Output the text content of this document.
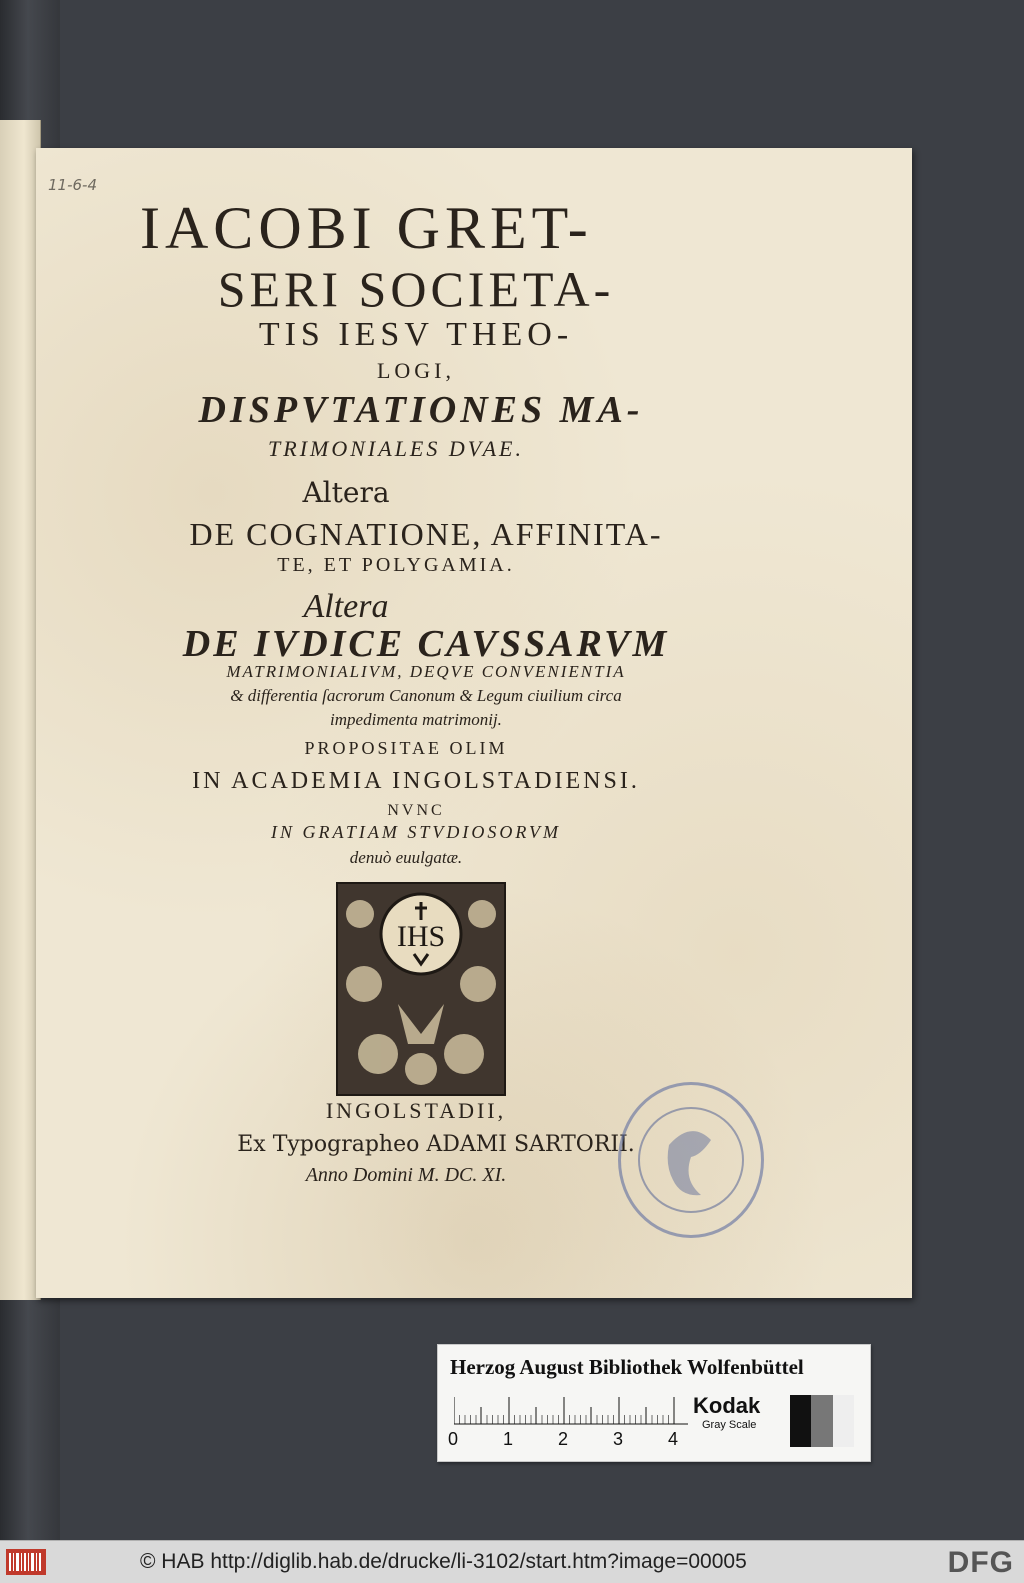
11-6-4
IACOBI GRET-
SERI SOCIETA-
TIS IESV THEO-
LOGI,
DISPVTATIONES MA-
TRIMONIALES DVAE.
Altera
DE COGNATIONE, AFFINITA-
TE, ET POLYGAMIA.
Altera
DE IVDICE CAVSSARVM
MATRIMONIALIVM, DEQVE CONVENIENTIA
& differentia ſacrorum Canonum & Legum ciuilium circa
impedimenta matrimonij.
PROPOSITAE OLIM
IN ACADEMIA INGOLSTADIENSI.
NVNC
IN GRATIAM STVDIOSORVM
denuò euulgatæ.
IHS
INGOLSTADII,
Ex Typographeo ADAMI SARTORII.
Anno Domini M. DC. XI.
Herzog August Bibliothek Wolfenbüttel
0 1 2 3 4
Kodak
Gray Scale
© HAB http://diglib.hab.de/drucke/li-3102/start.htm?image=00005	DFG
